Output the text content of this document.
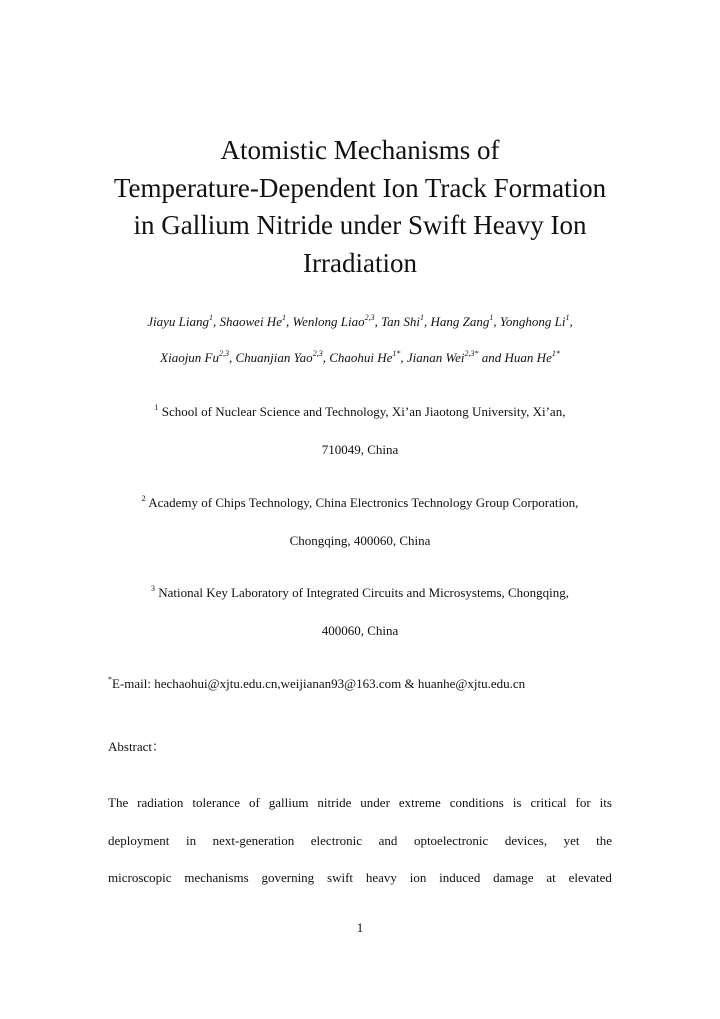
Atomistic Mechanisms of
Temperature-Dependent Ion Track Formation
in Gallium Nitride under Swift Heavy Ion
Irradiation
Jiayu Liang$^1$, Shaowei He$^1$, Wenlong Liao$^{2,3}$, Tan Shi$^1$, Hang Zang$^1$, Yonghong Li$^1$,
Xiaojun Fu$^{2,3}$, Chuanjian Yao$^{2,3}$, Chaohui $He^{1*}$, Jianan Wei$^{2,3*}$ and Huan $He^{1*}$
$^1$ School of Nuclear Science and Technology, Xi’an Jiaotong University, Xi’an,
710049, China
$^2$ Academy of Chips Technology, China Electronics Technology Group Corporation,
Chongqing, 400060, China
$^3$ National Key Laboratory of Integrated Circuits and Microsystems, Chongqing,
400060, China
*E-mail: hechaohui@xjtu.edu.cn,weijianan93@163.com & huanhe@xjtu.edu.cn
Abstract：
The radiation tolerance of gallium nitride under extreme conditions is critical for its
deployment in next-generation electronic and optoelectronic devices, yet the
microscopic mechanisms governing swift heavy ion induced damage at elevated
1
